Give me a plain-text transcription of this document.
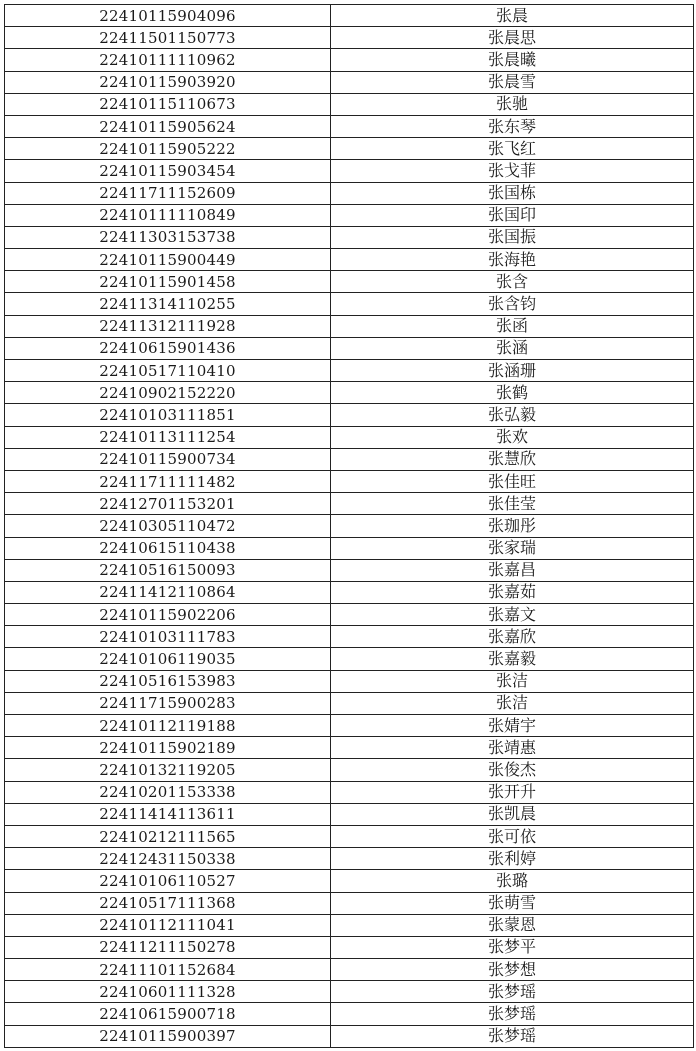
22410115904096	张晨
22411501150773	张晨思
22410111110962	张晨曦
22410115903920	张晨雪
22410115110673	张驰
22410115905624	张东琴
22410115905222	张飞红
22410115903454	张戈菲
22411711152609	张国栋
22410111110849	张国印
22411303153738	张国振
22410115900449	张海艳
22410115901458	张含
22411314110255	张含钧
22411312111928	张函
22410615901436	张涵
22410517110410	张涵珊
22410902152220	张鹤
22410103111851	张弘毅
22410113111254	张欢
22410115900734	张慧欣
22411711111482	张佳旺
22412701153201	张佳莹
22410305110472	张珈彤
22410615110438	张家瑞
22410516150093	张嘉昌
22411412110864	张嘉茹
22410115902206	张嘉文
22410103111783	张嘉欣
22410106119035	张嘉毅
22410516153983	张洁
22411715900283	张洁
22410112119188	张婧宇
22410115902189	张靖惠
22410132119205	张俊杰
22410201153338	张开升
22411414113611	张凯晨
22410212111565	张可依
22412431150338	张利婷
22410106110527	张璐
22410517111368	张萌雪
22410112111041	张蒙恩
22411211150278	张梦平
22411101152684	张梦想
22410601111328	张梦瑶
22410615900718	张梦瑶
22410115900397	张梦瑶
